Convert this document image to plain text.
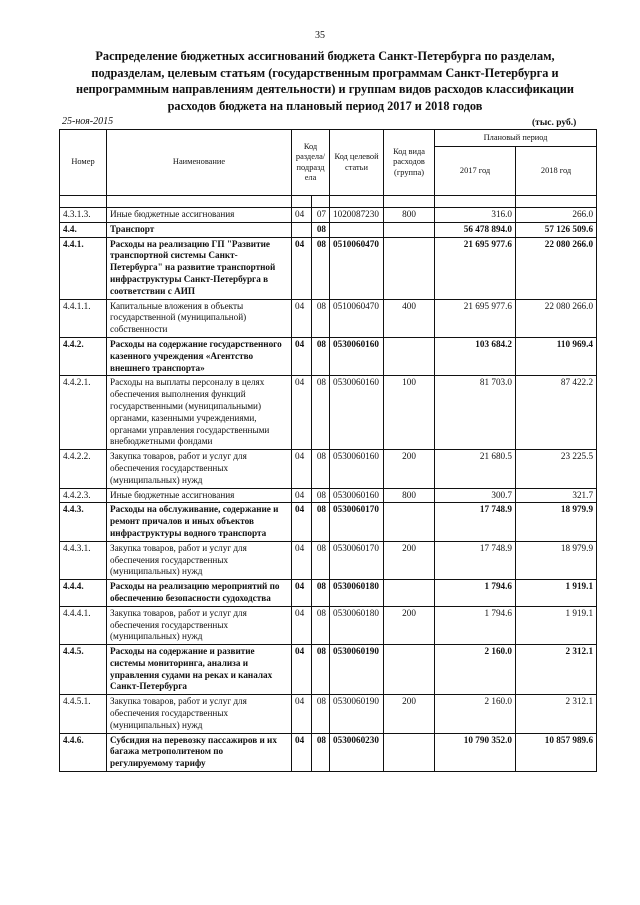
35
Распределение бюджетных ассигнований бюджета Санкт-Петербурга по разделам, подразделам, целевым статьям (государственным программам Санкт-Петербурга и непрограммным направлениям деятельности) и группам видов расходов классификации расходов бюджета на плановый период 2017 и 2018 годов
25-ноя-2015	(тыс. руб.)
Номер	Наименование	Код раздела/ подразд ела		Код целевой статьи	Код вида расходов (группа)	Плановый период	
						2017 год	2018 год

4.3.1.3.	Иные бюджетные ассигнования	04	07	1020087230	800	316.0	266.0
4.4.	Транспорт		08			56 478 894.0	57 126 509.6
4.4.1.	Расходы на реализацию ГП "Развитие транспортной системы Санкт-Петербурга" на развитие транспортной инфраструктуры Санкт-Петербурга в соответствии с АИП	04	08	0510060470		21 695 977.6	22 080 266.0
4.4.1.1.	Капитальные вложения в объекты государственной (муниципальной) собственности	04	08	0510060470	400	21 695 977.6	22 080 266.0
4.4.2.	Расходы на содержание государственного казенного учреждения «Агентство внешнего транспорта»	04	08	0530060160		103 684.2	110 969.4
4.4.2.1.	Расходы на выплаты персоналу в целях обеспечения выполнения функций государственными (муниципальными) органами, казенными учреждениями, органами управления государственными внебюджетными фондами	04	08	0530060160	100	81 703.0	87 422.2
4.4.2.2.	Закупка товаров, работ и услуг для обеспечения государственных (муниципальных) нужд	04	08	0530060160	200	21 680.5	23 225.5
4.4.2.3.	Иные бюджетные ассигнования	04	08	0530060160	800	300.7	321.7
4.4.3.	Расходы на обслуживание, содержание и ремонт причалов и иных объектов инфраструктуры водного транспорта	04	08	0530060170		17 748.9	18 979.9
4.4.3.1.	Закупка товаров, работ и услуг для обеспечения государственных (муниципальных) нужд	04	08	0530060170	200	17 748.9	18 979.9
4.4.4.	Расходы на реализацию мероприятий по обеспечению безопасности судоходства	04	08	0530060180		1 794.6	1 919.1
4.4.4.1.	Закупка товаров, работ и услуг для обеспечения государственных (муниципальных) нужд	04	08	0530060180	200	1 794.6	1 919.1
4.4.5.	Расходы на содержание и развитие системы мониторинга, анализа и управления судами на реках и каналах Санкт-Петербурга	04	08	0530060190		2 160.0	2 312.1
4.4.5.1.	Закупка товаров, работ и услуг для обеспечения государственных (муниципальных) нужд	04	08	0530060190	200	2 160.0	2 312.1
4.4.6.	Субсидия на перевозку пассажиров и их багажа метрополитеном по регулируемому тарифу	04	08	0530060230		10 790 352.0	10 857 989.6
